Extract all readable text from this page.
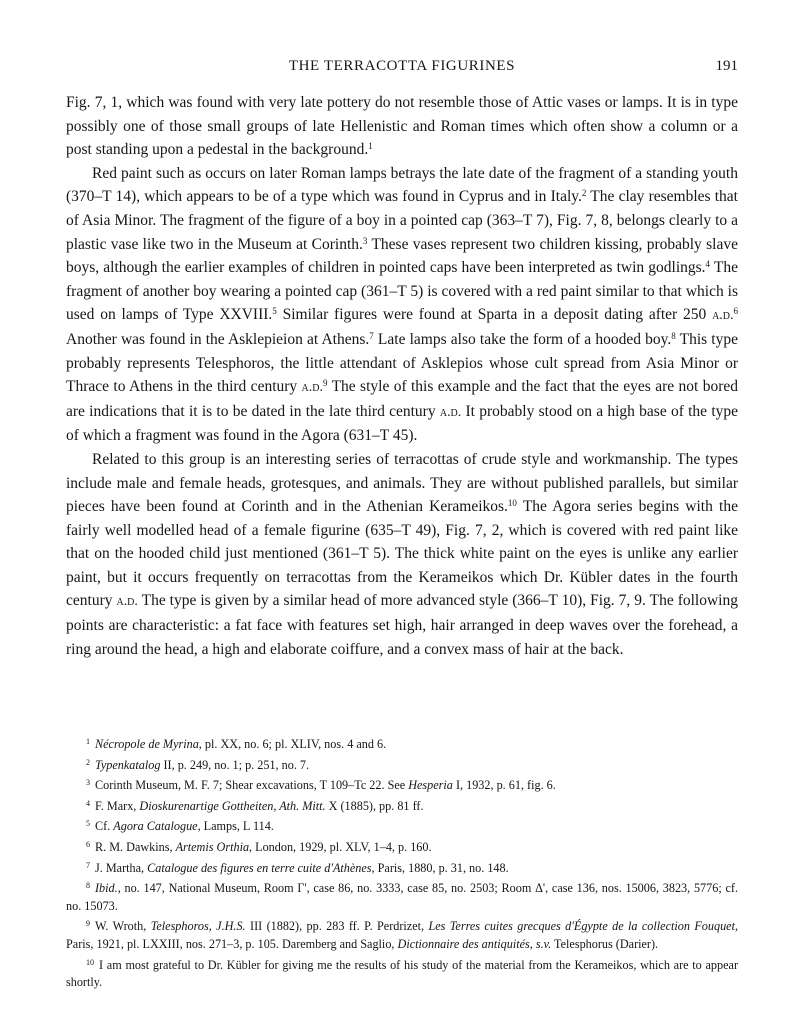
THE TERRACOTTA FIGURINES	191

Fig. 7, 1, which was found with very late pottery do not resemble those of Attic vases or lamps. It is in type possibly one of those small groups of late Hellenistic and Roman times which often show a column or a post standing upon a pedestal in the background.$^1$

Red paint such as occurs on later Roman lamps betrays the late date of the fragment of a standing youth (370–T 14), which appears to be of a type which was found in Cyprus and in Italy.$^2$ The clay resembles that of Asia Minor. The fragment of the figure of a boy in a pointed cap (363–T 7), Fig. 7, 8, belongs clearly to a plastic vase like two in the Museum at Corinth.$^3$ These vases represent two children kissing, probably slave boys, although the earlier examples of children in pointed caps have been interpreted as twin godlings.$^4$ The fragment of another boy wearing a pointed cap (361–T 5) is covered with a red paint similar to that which is used on lamps of Type XXVIII.$^5$ Similar figures were found at Sparta in a deposit dating after 250 a.d.$^6$ Another was found in the Asklepieion at Athens.$^7$ Late lamps also take the form of a hooded boy.$^8$ This type probably represents Telesphoros, the little attendant of Asklepios whose cult spread from Asia Minor or Thrace to Athens in the third century a.d.$^9$ The style of this example and the fact that the eyes are not bored are indications that it is to be dated in the late third century a.d. It probably stood on a high base of the type of which a fragment was found in the Agora (631–T 45).

Related to this group is an interesting series of terracottas of crude style and workmanship. The types include male and female heads, grotesques, and animals. They are without published parallels, but similar pieces have been found at Corinth and in the Athenian Kerameikos.$^{10}$ The Agora series begins with the fairly well modelled head of a female figurine (635–T 49), Fig. 7, 2, which is covered with red paint like that on the hooded child just mentioned (361–T 5). The thick white paint on the eyes is unlike any earlier paint, but it occurs frequently on terracottas from the Kerameikos which Dr. Kübler dates in the fourth century a.d. The type is given by a similar head of more advanced style (366–T 10), Fig. 7, 9. The following points are characteristic: a fat face with features set high, hair arranged in deep waves over the forehead, a ring around the head, a high and elaborate coiffure, and a convex mass of hair at the back.

$^1$ Nécropole de Myrina, pl. XX, no. 6; pl. XLIV, nos. 4 and 6.

$^2$ Typenkatalog II, p. 249, no. 1; p. 251, no. 7.

$^3$ Corinth Museum, M. F. 7; Shear excavations, T 109–Tc 22. See Hesperia I, 1932, p. 61, fig. 6.

$^4$ F. Marx, Dioskurenartige Gottheiten, Ath. Mitt. X (1885), pp. 81 ff.

$^5$ Cf. Agora Catalogue, Lamps, L 114.

$^6$ R. M. Dawkins, Artemis Orthia, London, 1929, pl. XLV, 1–4, p. 160.

$^7$ J. Martha, Catalogue des figures en terre cuite d'Athènes, Paris, 1880, p. 31, no. 148.

$^8$ Ibid., no. 147, National Museum, Room Γ', case 86, no. 3333, case 85, no. 2503; Room Δ', case 136, nos. 15006, 3823, 5776; cf. no. 15073.

$^9$ W. Wroth, Telesphoros, J.H.S. III (1882), pp. 283 ff. P. Perdrizet, Les Terres cuites grecques d'Égypte de la collection Fouquet, Paris, 1921, pl. LXXIII, nos. 271–3, p. 105. Daremberg and Saglio, Dictionnaire des antiquités, s.v. Telesphorus (Darier).

$^{10}$ I am most grateful to Dr. Kübler for giving me the results of his study of the material from the Kerameikos, which are to appear shortly.
